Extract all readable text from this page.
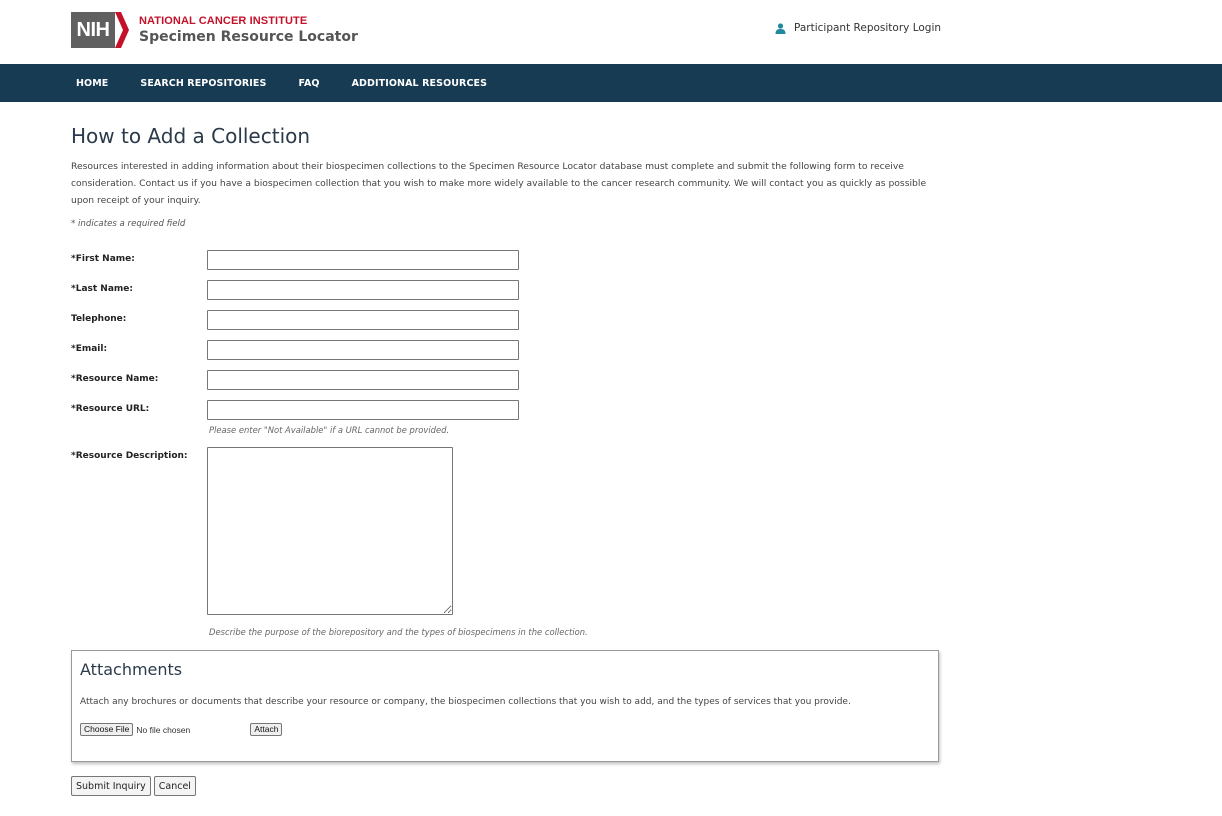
NIH	NATIONAL CANCER INSTITUTE
Specimen Resource Locator
Participant Repository Login
HOME	SEARCH REPOSITORIES	FAQ	ADDITIONAL RESOURCES
How to Add a Collection

Resources interested in adding information about their biospecimen collections to the Specimen Resource Locator database must complete and submit the following form to receive consideration. Contact us if you have a biospecimen collection that you wish to make more widely available to the cancer research community. We will contact you as quickly as possible upon receipt of your inquiry.

* indicates a required field
*First Name:
*Last Name:
Telephone:
*Email:
*Resource Name:
*Resource URL:
Please enter "Not Available" if a URL cannot be provided.
*Resource Description:
Describe the purpose of the biorepository and the types of biospecimens in the collection.
Attachments
Attach any brochures or documents that describe your resource or company, the biospecimen collections that you wish to add, and the types of services that you provide.
Choose File No file chosen	Attach
Submit Inquiry	Cancel
